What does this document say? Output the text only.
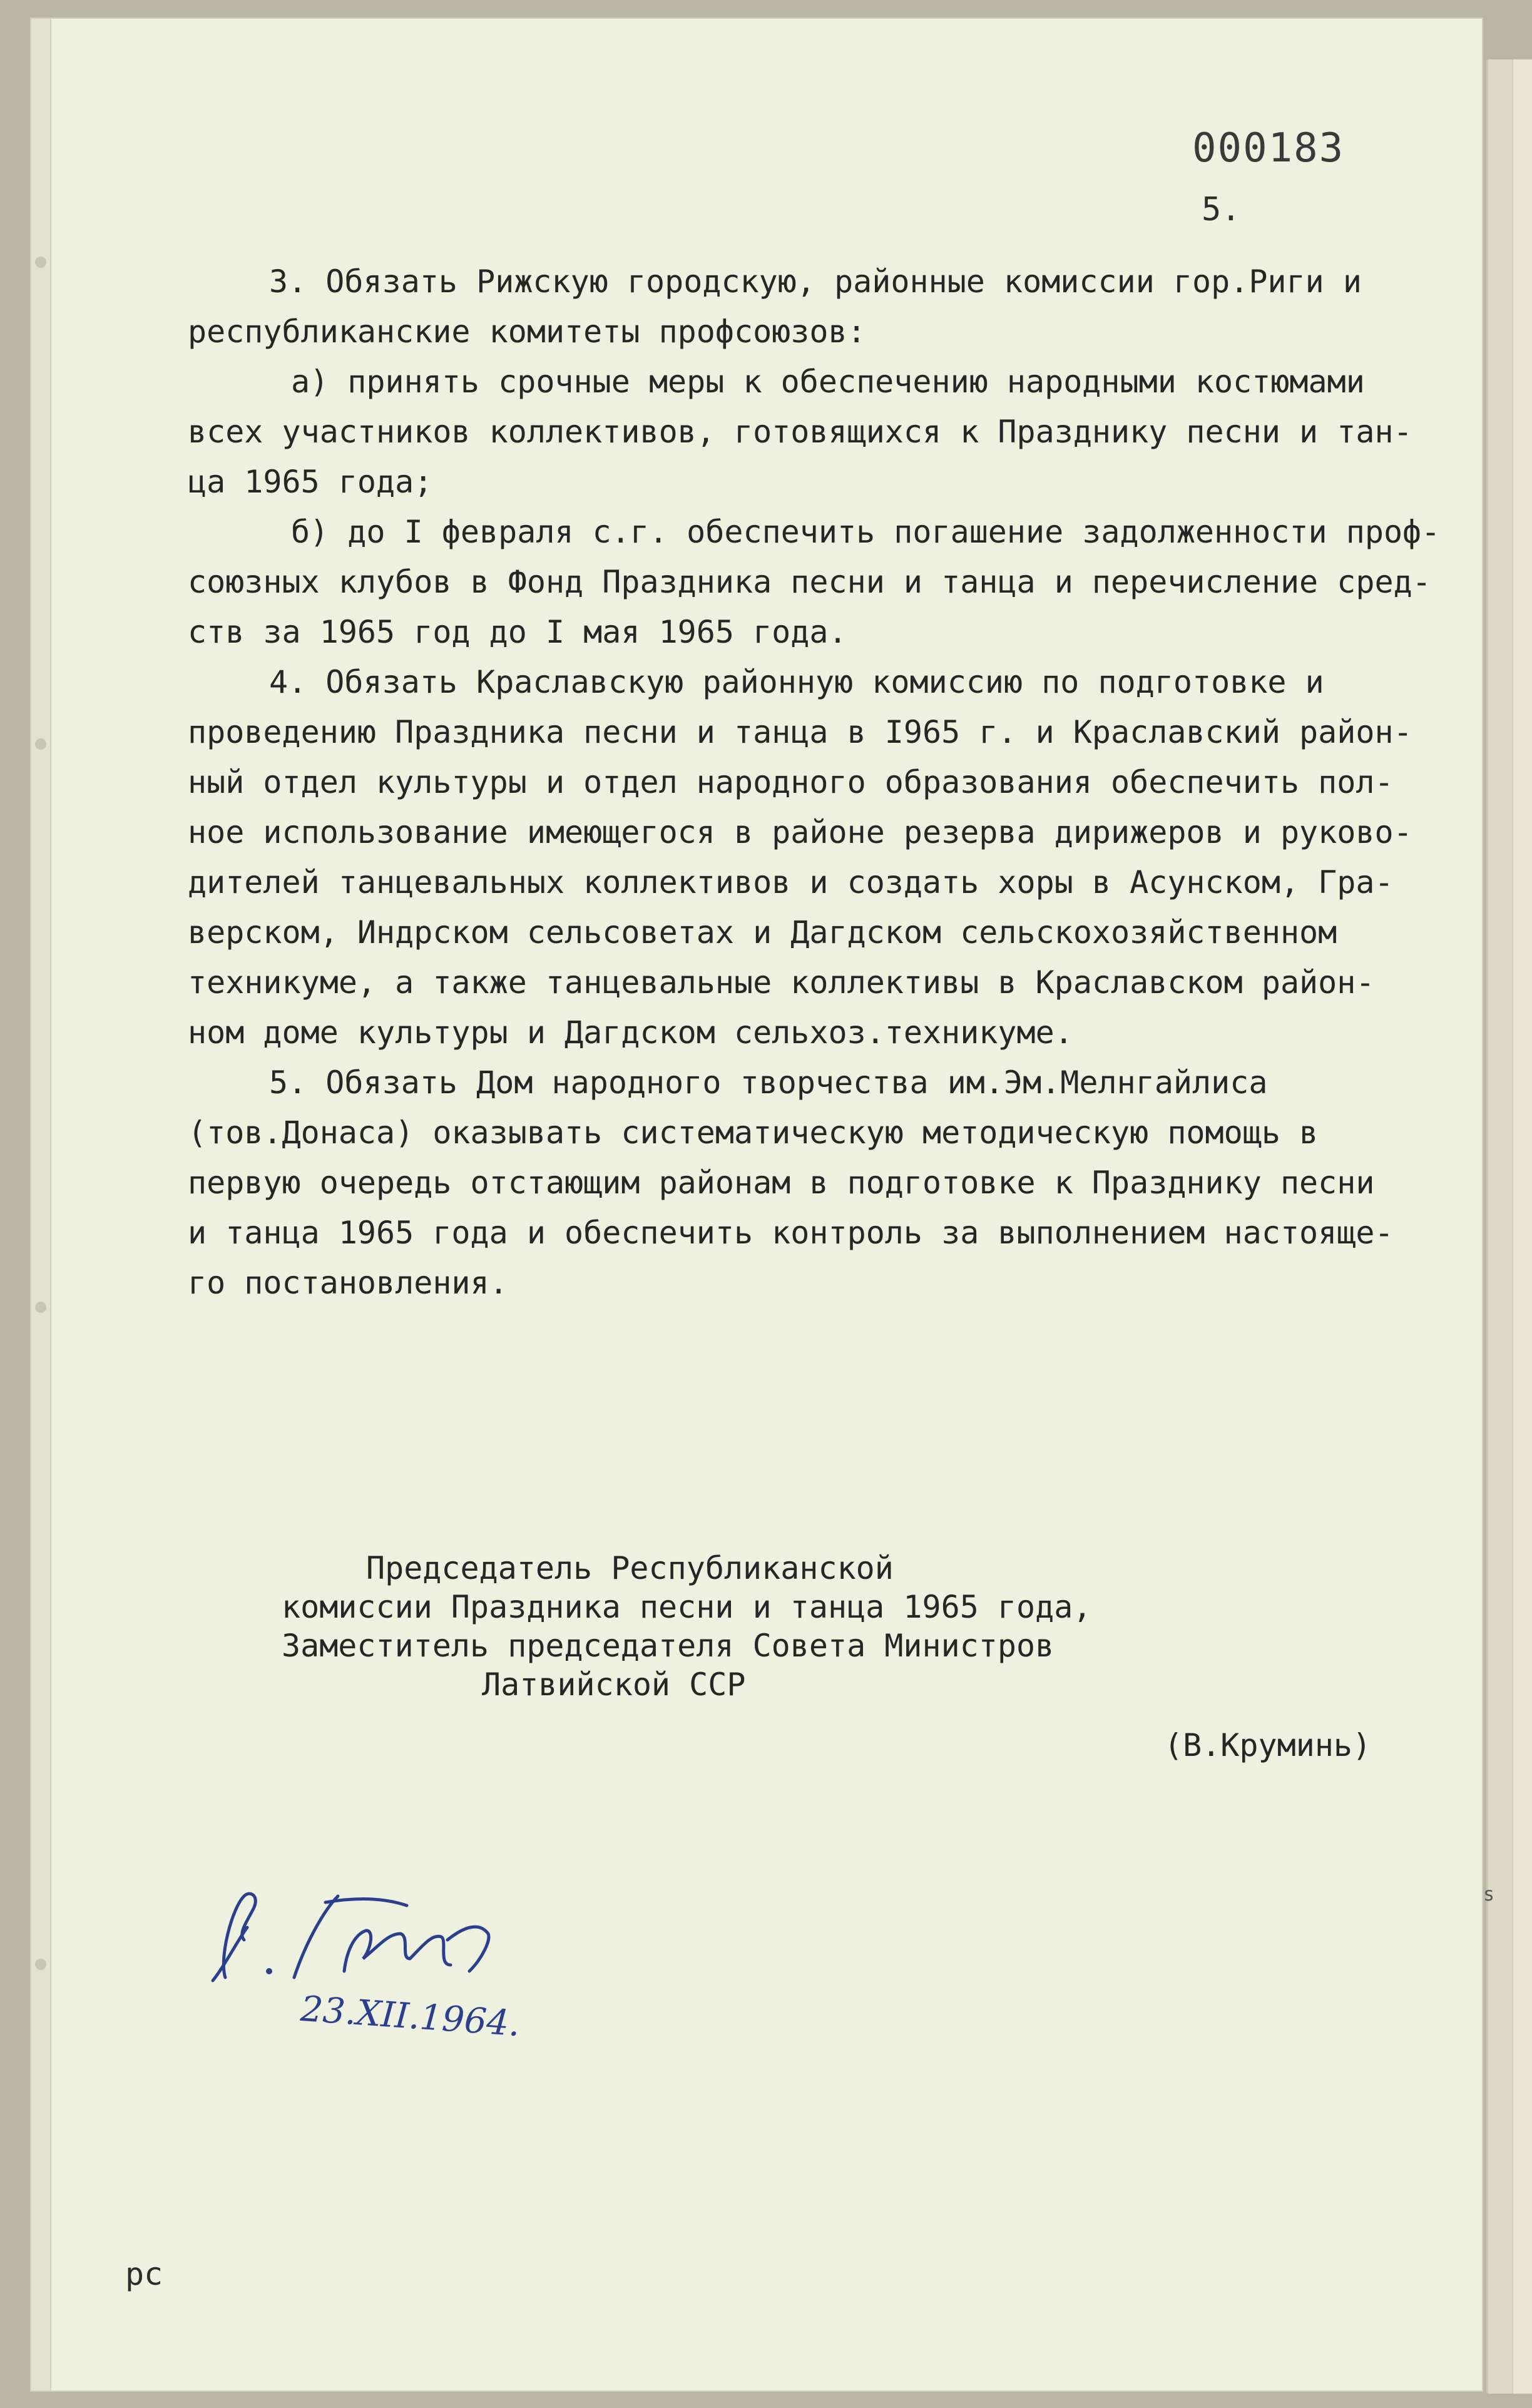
000183
5.
3. Обязать Рижскую городскую, районные комиссии гор.Риги и
республиканские комитеты профсоюзов:
а) принять срочные меры к обеспечению народными костюмами
всех участников коллективов, готовящихся к Празднику песни и тан-
ца 1965 года;
б) до I февраля с.г. обеспечить погашение задолженности проф-
союзных клубов в Фонд Праздника песни и танца и перечисление сред-
ств за 1965 год до I мая 1965 года.
4. Обязать Краславскую районную комиссию по подготовке и
проведению Праздника песни и танца в I965 г. и Краславский район-
ный отдел культуры и отдел народного образования обеспечить пол-
ное использование имеющегося в районе резерва дирижеров и руково-
дителей танцевальных коллективов и создать хоры в Асунском, Гра-
верском, Индрском сельсоветах и Дагдском сельскохозяйственном
техникуме, а также танцевальные коллективы в Краславском район-
ном доме культуры и Дагдском сельхоз.техникуме.
5. Обязать Дом народного творчества им.Эм.Мелнгайлиса
(тов.Донаса) оказывать систематическую методическую помощь в
первую очередь отстающим районам в подготовке к Празднику песни
и танца 1965 года и обеспечить контроль за выполнением настояще-
го постановления.
Председатель Республиканской
комиссии Праздника песни и танца 1965 года,
Заместитель председателя Совета Министров
Латвийской ССР
(В.Круминь)
23.XII.1964.
рс
s
